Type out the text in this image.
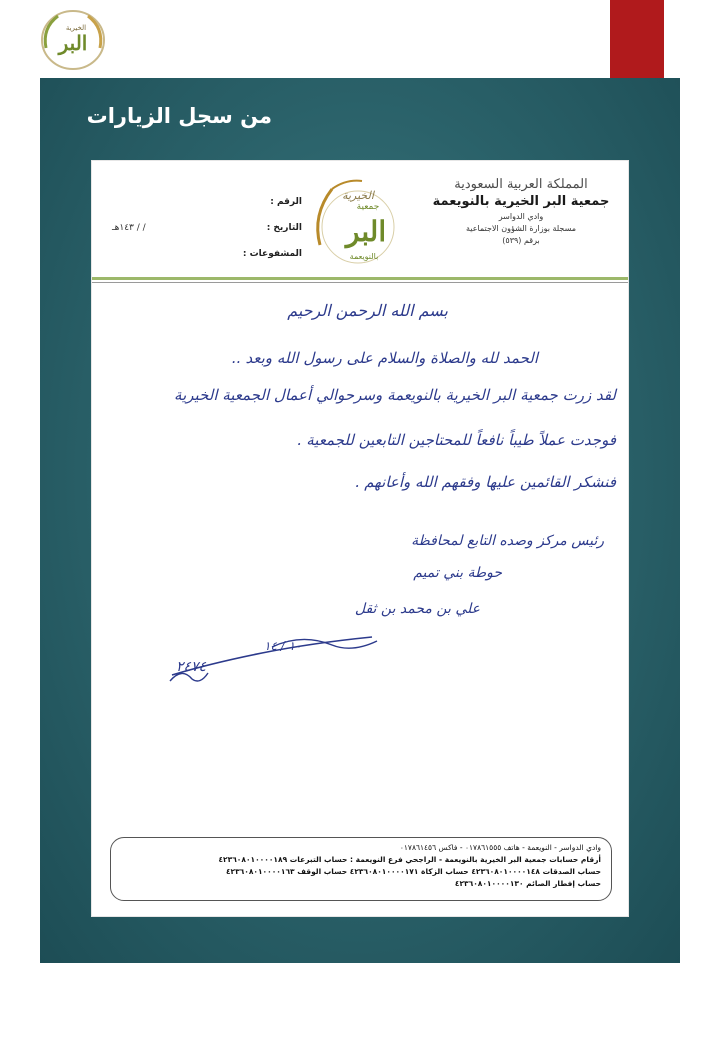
البر
الخيرية
من سجل الزيارات
المملكة العربية السعودية
جمعية البر الخيرية بالنويعمة
وادي الدواسر
مسجلة بوزارة الشؤون الاجتماعية
برقم (٥٣٩)
البر
جمعية
الخيرية
بالنويعمة
الرقم :
التاريخ :
/ / ١٤٣هـ
المشفوعات :
بسم الله الرحمن الرحيم
الحمد لله والصلاة والسلام على رسول الله وبعد ..
لقد زرت جمعية البر الخيرية بالنويعمة وسرحوالي أعمال الجمعية الخيرية
فوجدت عملاً طيباً نافعاً للمحتاجين التابعين للجمعية .
فنشكر القائمين عليها وفقهم الله وأعانهم .
رئيس مركز وصده التابع لمحافظة
حوطة بني تميم
علي بن محمد بن ثقل
١٠ / ١٤
٢٤٧٤
وادي الدواسر - النويعمة - هاتف ٠١٧٨٦١٥٥٥ - فاكس ٠١٧٨٦١٤٥٦
أرقام حسابات جمعية البر الخيرية بالنويعمة - الراجحي فرع النويعمة : حساب التبرعات ٤٢٣٦٠٨٠١٠٠٠٠١٨٩
حساب الصدقات ٤٢٣٦٠٨٠١٠٠٠٠١٤٨ حساب الزكاة ٤٢٣٦٠٨٠١٠٠٠٠١٧١ حساب الوقف ٤٢٣٦٠٨٠١٠٠٠٠١٦٣
حساب إفطار الصائم ٤٢٣٦٠٨٠١٠٠٠٠١٣٠
